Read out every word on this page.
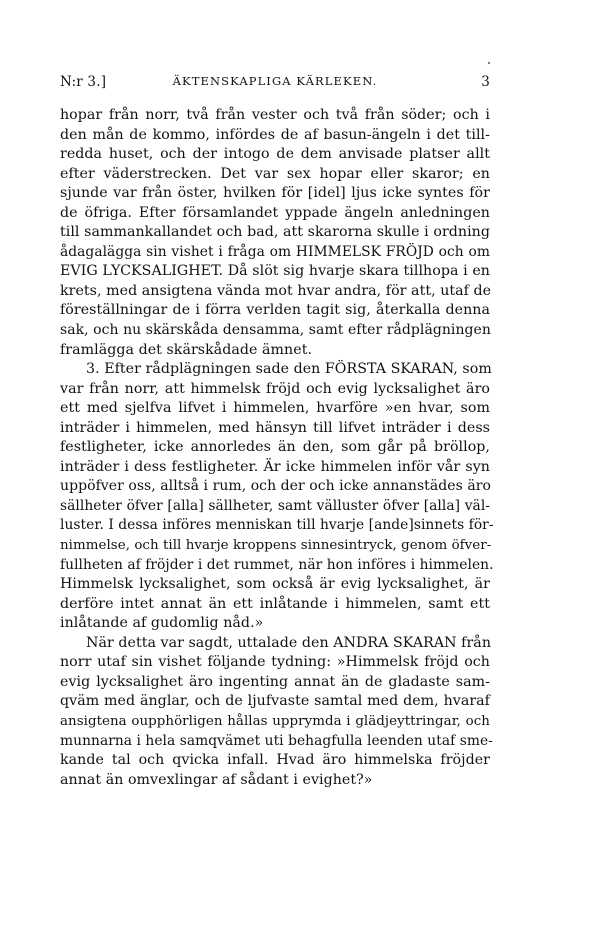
N:r 3.]	ÄKTENSKAPLIGA KÄRLEKEN.	3
hopar från norr, två från vester och två från söder; och i
den mån de kommo, infördes de af basun-ängeln i det till-
redda huset, och der intogo de dem anvisade platser allt
efter väderstrecken. Det var sex hopar eller skaror; en
sjunde var från öster, hvilken för [idel] ljus icke syntes för
de öfriga. Efter församlandet yppade ängeln anledningen
till sammankallandet och bad, att skarorna skulle i ordning
ådagalägga sin vishet i fråga om HIMMELSK FRÖJD och om
EVIG LYCKSALIGHET. Då slöt sig hvarje skara tillhopa i en
krets, med ansigtena vända mot hvar andra, för att, utaf de
föreställningar de i förra verlden tagit sig, återkalla denna
sak, och nu skärskåda densamma, samt efter rådplägningen
framlägga det skärskådade ämnet.
3. Efter rådplägningen sade den FÖRSTA SKARAN, som
var från norr, att himmelsk fröjd och evig lycksalighet äro
ett med sjelfva lifvet i himmelen, hvarföre »en hvar, som
inträder i himmelen, med hänsyn till lifvet inträder i dess
festligheter, icke annorledes än den, som går på bröllop,
inträder i dess festligheter. Är icke himmelen inför vår syn
uppöfver oss, alltså i rum, och der och icke annanstädes äro
sällheter öfver [alla] sällheter, samt välluster öfver [alla] väl-
luster. I dessa införes menniskan till hvarje [ande]sinnets för-
nimmelse, och till hvarje kroppens sinnesintryck, genom öfver-
fullheten af fröjder i det rummet, när hon införes i himmelen.
Himmelsk lycksalighet, som också är evig lycksalighet, är
derföre intet annat än ett inlåtande i himmelen, samt ett
inlåtande af gudomlig nåd.»
När detta var sagdt, uttalade den ANDRA SKARAN från
norr utaf sin vishet följande tydning: »Himmelsk fröjd och
evig lycksalighet äro ingenting annat än de gladaste sam-
qväm med änglar, och de ljufvaste samtal med dem, hvaraf
ansigtena oupphörligen hållas upprymda i glädjeyttringar, och
munnarna i hela samqvämet uti behagfulla leenden utaf sme-
kande tal och qvicka infall. Hvad äro himmelska fröjder
annat än omvexlingar af sådant i evighet?»
